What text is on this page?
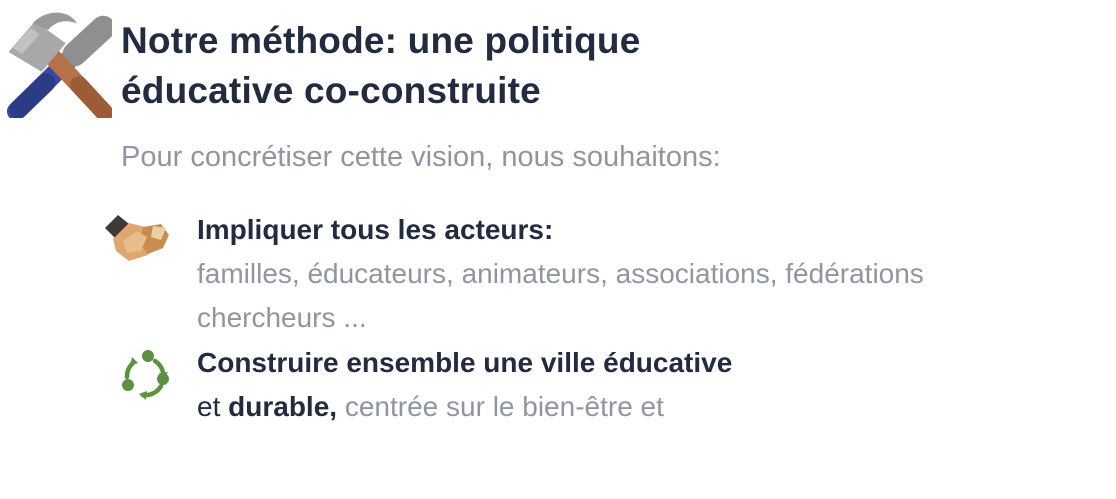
Notre méthode: une politique
éducative co-construite
Pour concrétiser cette vision, nous souhaitons:
Impliquer tous les acteurs:
familles, éducateurs, animateurs, associations, fédérations
chercheurs ...
Construire ensemble une ville éducative
et durable, centrée sur le bien-être et
